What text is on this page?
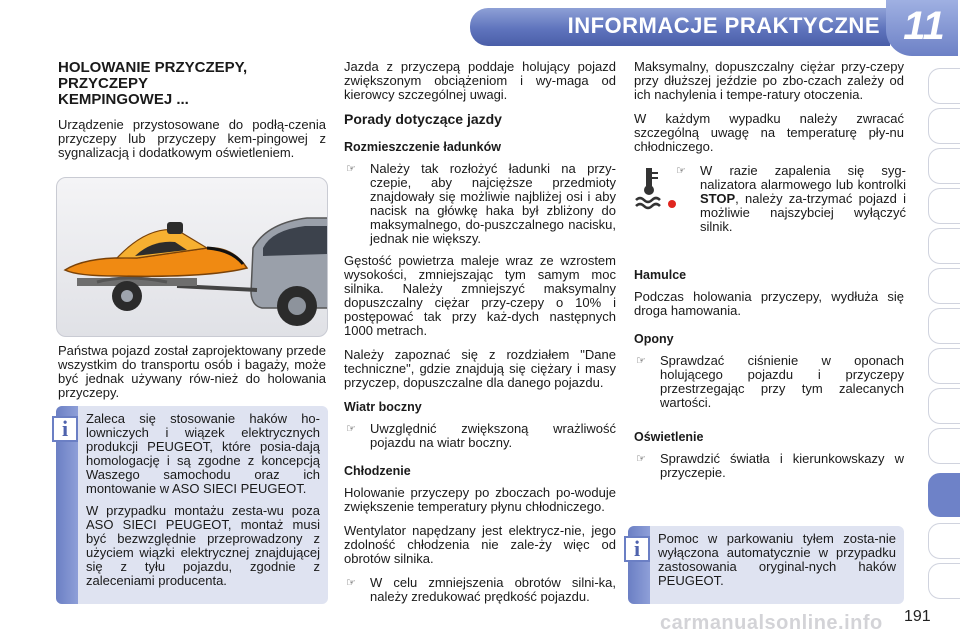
INFORMACJE PRAKTYCZNE 11
HOLOWANIE PRZYCZEPY,
PRZYCZEPY
KEMPINGOWEJ ...

Urządzenie przystosowane do podłą-czenia przyczepy lub przyczepy kem-pingowej z sygnalizacją i dodatkowym oświetleniem.

Państwa pojazd został zaprojektowany przede wszystkim do transportu osób i bagaży, może być jednak używany rów-nież do holowania przyczepy.

i	Zaleca się stosowanie haków ho-lowniczych i wiązek elektrycznych produkcji PEUGEOT, które posia-dają homologację i są zgodne z koncepcją Waszego samochodu oraz ich montowanie w ASO SIECI PEUGEOT.

W przypadku montażu zesta-wu poza ASO SIECI PEUGEOT, montaż musi być bezwzględnie przeprowadzony z użyciem wiązki elektrycznej znajdującej się z tyłu pojazdu, zgodnie z zaleceniami producenta.

Jazda z przyczepą poddaje holujący pojazd zwiększonym obciążeniom i wy-maga od kierowcy szczególnej uwagi.

Porady dotyczące jazdy
Rozmieszczenie ładunków
☞ Należy tak rozłożyć ładunki na przy-czepie, aby najcięższe przedmioty znajdowały się możliwie najbliżej osi i aby nacisk na główkę haka był zbliżony do maksymalnego, do-puszczalnego nacisku, jednak nie większy.

Gęstość powietrza maleje wraz ze wzrostem wysokości, zmniejszając tym samym moc silnika. Należy zmniejszyć maksymalny dopuszczalny ciężar przy-czepy o 10% i postępować tak przy każ-dych następnych 1000 metrach.

Należy zapoznać się z rozdziałem "Dane techniczne", gdzie znajdują się ciężary i masy przyczep, dopuszczalne dla danego pojazdu.

Wiatr boczny
☞ Uwzględnić zwiększoną wrażliwość pojazdu na wiatr boczny.
Chłodzenie

Holowanie przyczepy po zboczach po-woduje zwiększenie temperatury płynu chłodniczego.

Wentylator napędzany jest elektrycz-nie, jego zdolność chłodzenia nie zale-ży więc od obrotów silnika.

☞ W celu zmniejszenia obrotów silni-ka, należy zredukować prędkość pojazdu.

Maksymalny, dopuszczalny ciężar przy-czepy przy dłuższej jeździe po zbo-czach zależy od ich nachylenia i tempe-ratury otoczenia.

W każdym wypadku należy zwracać szczególną uwagę na temperaturę pły-nu chłodniczego.

☞ W razie zapalenia się syg-nalizatora alarmowego lub kontrolki STOP, należy za-trzymać pojazd i możliwie najszybciej wyłączyć silnik.
Hamulce

Podczas holowania przyczepy, wydłuża się droga hamowania.

Opony
☞ Sprawdzać ciśnienie w oponach holującego pojazdu i przyczepy przestrzegając przy tym zalecanych wartości.
Oświetlenie
☞ Sprawdzić światła i kierunkowskazy w przyczepie.
i	Pomoc w parkowaniu tyłem zosta-nie wyłączona automatycznie w przypadku zastosowania oryginal-nych haków PEUGEOT.

carmanualsonline.info 191
